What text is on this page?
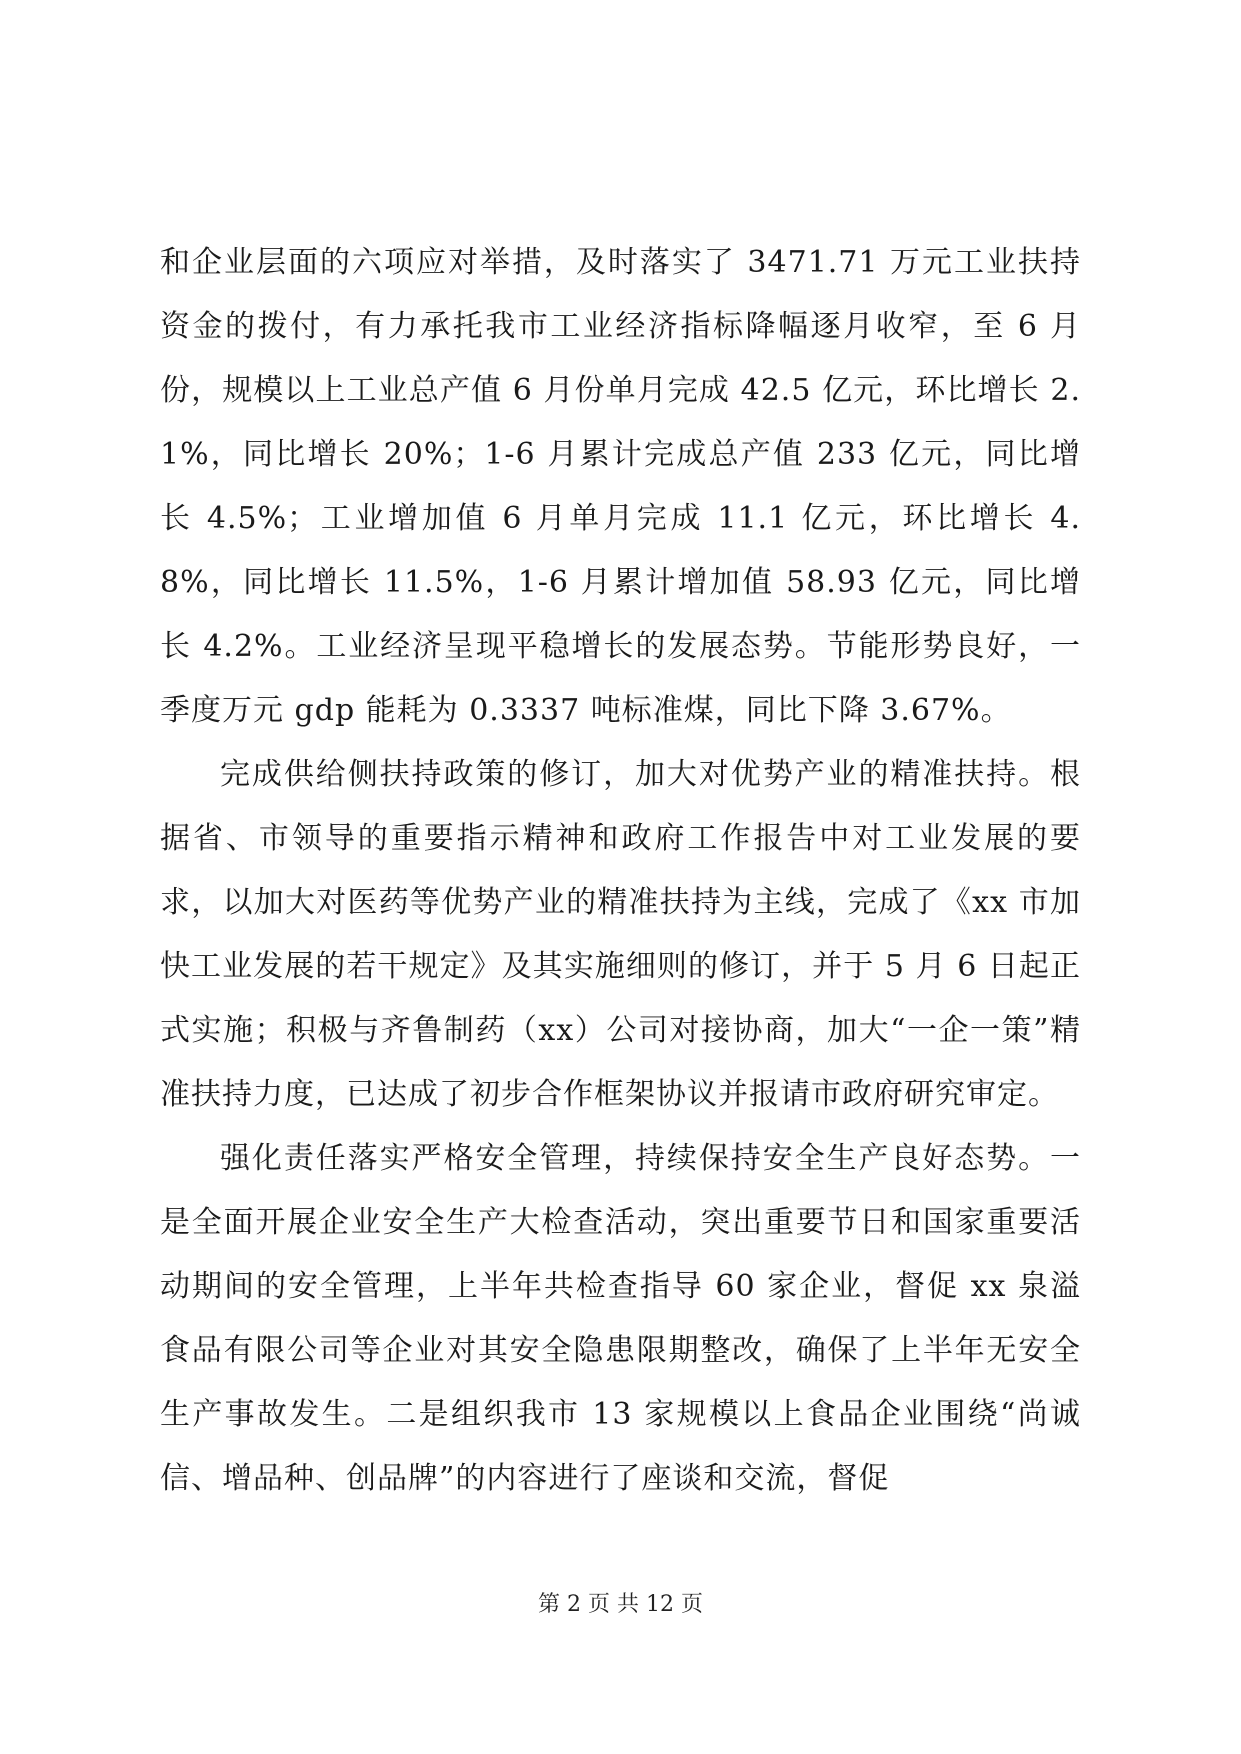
和企业层面的六项应对举措，及时落实了 3471.71 万元工业扶持资金的拨付，有力承托我市工业经济指标降幅逐月收窄，至 6 月份，规模以上工业总产值 6 月份单月完成 42.5 亿元，环比增长 2.1%，同比增长 20%；1-6 月累计完成总产值 233 亿元，同比增长 4.5%；工业增加值 6 月单月完成 11.1 亿元，环比增长 4.8%，同比增长 11.5%，1-6 月累计增加值 58.93 亿元，同比增长 4.2%。工业经济呈现平稳增长的发展态势。节能形势良好，一季度万元 gdp 能耗为 0.3337 吨标准煤，同比下降 3.67%。

完成供给侧扶持政策的修订，加大对优势产业的精准扶持。根据省、市领导的重要指示精神和政府工作报告中对工业发展的要求，以加大对医药等优势产业的精准扶持为主线，完成了《xx 市加快工业发展的若干规定》及其实施细则的修订，并于 5 月 6 日起正式实施；积极与齐鲁制药（xx）公司对接协商，加大“一企一策”精准扶持力度，已达成了初步合作框架协议并报请市政府研究审定。

强化责任落实严格安全管理，持续保持安全生产良好态势。一是全面开展企业安全生产大检查活动，突出重要节日和国家重要活动期间的安全管理，上半年共检查指导 60 家企业，督促 xx 泉溢食品有限公司等企业对其安全隐患限期整改，确保了上半年无安全生产事故发生。二是组织我市 13 家规模以上食品企业围绕“尚诚信、增品种、创品牌”的内容进行了座谈和交流，督促

第 2 页 共 12 页
